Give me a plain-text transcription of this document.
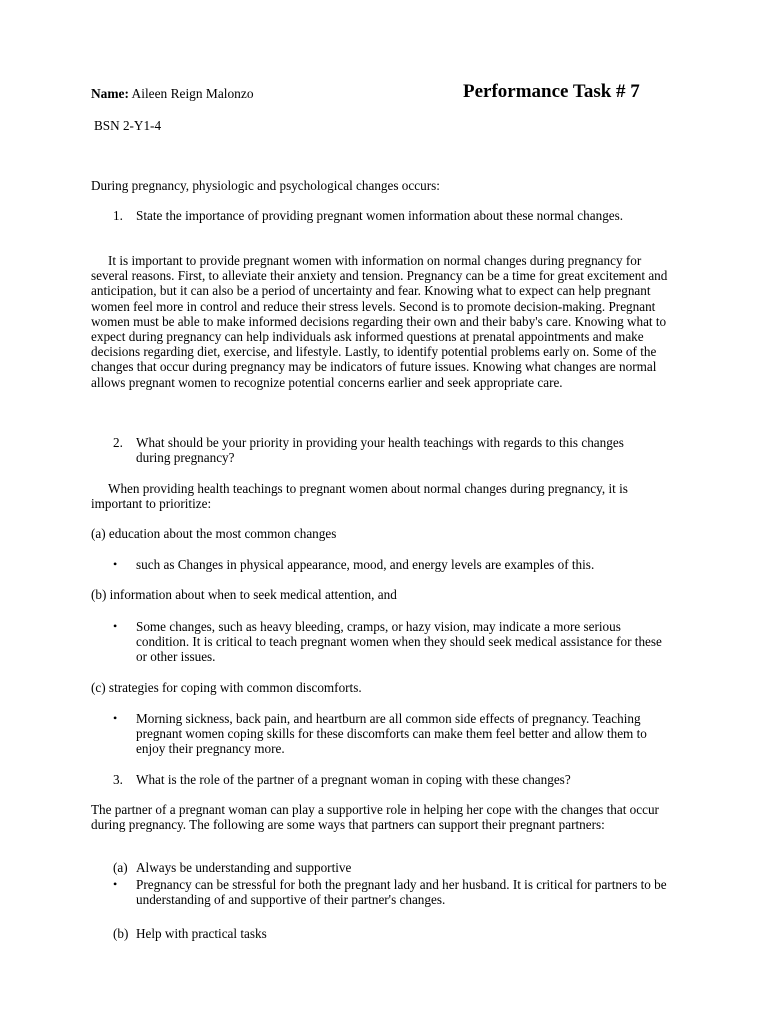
Name: Aileen Reign Malonzo	Performance Task # 7

BSN 2-Y1-4

During pregnancy, physiologic and psychological changes occurs:

1. State the importance of providing pregnant women information about these normal changes.

It is important to provide pregnant women with information on normal changes during pregnancy for several reasons. First, to alleviate their anxiety and tension. Pregnancy can be a time for great excitement and anticipation, but it can also be a period of uncertainty and fear. Knowing what to expect can help pregnant women feel more in control and reduce their stress levels. Second is to promote decision-making. Pregnant women must be able to make informed decisions regarding their own and their baby's care. Knowing what to expect during pregnancy can help individuals ask informed questions at prenatal appointments and make decisions regarding diet, exercise, and lifestyle. Lastly, to identify potential problems early on. Some of the changes that occur during pregnancy may be indicators of future issues. Knowing what changes are normal allows pregnant women to recognize potential concerns earlier and seek appropriate care.

2. What should be your priority in providing your health teachings with regards to this changes during pregnancy?

When providing health teachings to pregnant women about normal changes during pregnancy, it is important to prioritize:

(a) education about the most common changes

• such as Changes in physical appearance, mood, and energy levels are examples of this.

(b) information about when to seek medical attention, and

• Some changes, such as heavy bleeding, cramps, or hazy vision, may indicate a more serious condition. It is critical to teach pregnant women when they should seek medical assistance for these or other issues.

(c) strategies for coping with common discomforts.

• Morning sickness, back pain, and heartburn are all common side effects of pregnancy. Teaching pregnant women coping skills for these discomforts can make them feel better and allow them to enjoy their pregnancy more.

3. What is the role of the partner of a pregnant woman in coping with these changes?

The partner of a pregnant woman can play a supportive role in helping her cope with the changes that occur during pregnancy. The following are some ways that partners can support their pregnant partners:

(a) Always be understanding and supportive

• Pregnancy can be stressful for both the pregnant lady and her husband. It is critical for partners to be understanding of and supportive of their partner's changes.

(b) Help with practical tasks
